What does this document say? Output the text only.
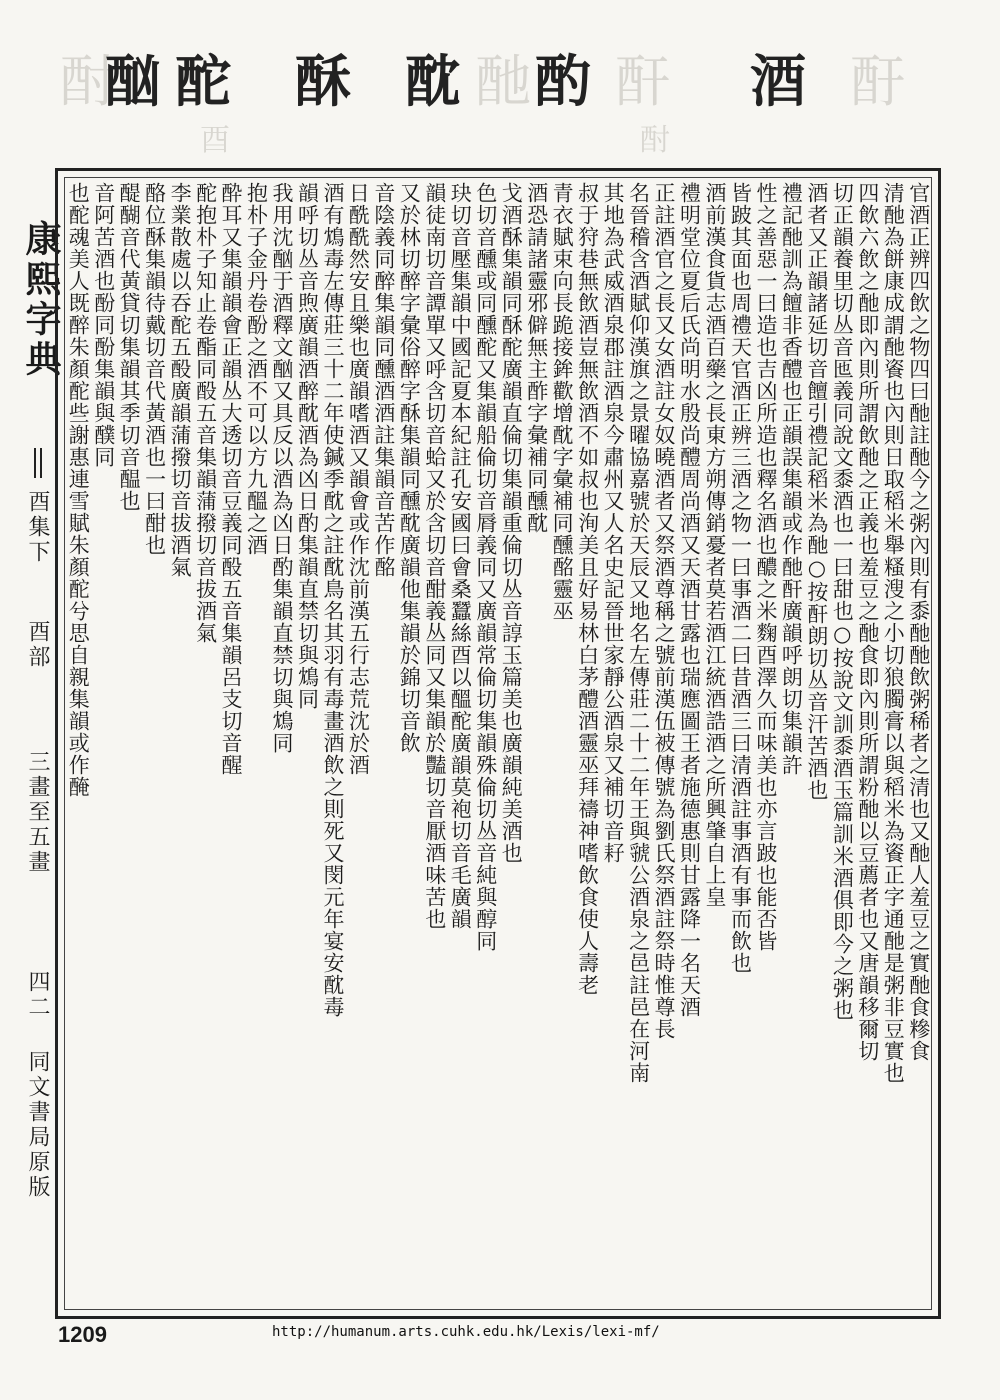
酎
酗 酡 酥 酖 酏 酌 酐 酒 酑
酉	酎
康熙字典
酉集下
酉部
三畫至五畫
四二
同文書局原版
官酒正辨四飲之物四曰酏註酏今之粥內則有黍酏酏飲粥稀者之清也又酏人羞豆之實酏食糝食
清酏為餅康成謂酏餈也內則日取稻米舉糔溲之小切狼臅膏以與稻米為餈正字通酏是粥非豆實也
四飲六飲之酏即內則所謂飲酏之正義也羞豆之酏食即內則所謂粉酏以豆薦者也又唐韻移爾切
切正韻養里切丛音匜義同說文黍酒也一曰甜也○按說文訓黍酒玉篇訓米酒俱即今之粥也
酒者又正韻諸延切音饘引禮記稻米為酏○按酐朗切丛音汗苦酒也
禮記酏訓為饘非香醴也正韻誤集韻或作酏酐廣韻呼朗切集韻許
性之善惡一曰造也吉凶所造也釋名酒也醲之米麴酉澤久而味美也亦言跛也能否皆
皆跛其面也周禮天官酒正辨三酒之物一曰事酒二曰昔酒三曰清酒註事酒有事而飲也
酒前漢食貨志酒百藥之長東方朔傳銷憂者莫若酒江統酒誥酒之所興肇自上皇
禮明堂位夏后氏尚明水殷尚醴周尚酒又天酒甘露也瑞應圖王者施德惠則甘露降一名天酒
正註酒官之長又女酒註女奴曉酒者又祭酒尊稱之號前漢伍被傳號為劉氏祭酒註祭時惟尊長
名晉稽含酒賦仰漢旗之景曜協嘉號於天辰又地名左傳莊二十二年王與虢公酒泉之邑註邑在河南
其地為武威酒泉郡註酒泉今肅州又人名史記晉世家靜公酒泉又補切音耔
叔于狩巷無飲酒豈無飲酒不如叔也洵美且好易林白茅醴酒靈巫拜禱神嗜飲食使人壽老
青衣賦束向長跪接鉾歡增酖字彙補同醺酩靈巫
酒恐請諸靈邪僻無主酢字彙補同醺酖
戈酒酥集韻同酥酡廣韻直倫切集韻重倫切丛音諄玉篇美也廣韻純美酒也
色切音醺或同醺酡又集韻船倫切音脣義同又廣韻常倫切集韻殊倫切丛音純與醇同
玦切音壓集韻中國記夏本紀註孔安國曰會桑蠶絲酉以醞酡廣韻莫袍切音毛廣韻
韻徒南切音譚單又呼含切音蛤又於含切音酣義丛同又集韻於豔切音厭酒味苦也
又於林切醉字彙俗醉字酥集韻同醺酖廣韻他集韻於錦切音飲
音陰義同醉集韻同醺酒酒註集韻音苦作酩
日酰酰然安且樂也廣韻嗜酒又韻會或作沈前漢五行志荒沈於酒
酒有鴆毒左傳莊三十二年使鍼季酖之註酖鳥名其羽有毒畫酒飲之則死又閔元年宴安酖毒
韻呼切丛音煦廣韻酒醉酖酒為凶日酌集韻直禁切與鴆同
我用沈酗于酒釋文酗又具反以酒為凶日酌集韻直禁切與鴆同
抱朴子金丹卷酚之酒不可以方九醞之酒
酔耳又集韻韻會正韻丛大透切音豆義同酘五音集韻呂支切音醒
酡抱朴子知止卷酯同酘五音集韻蒲撥切音拔酒氣
李業散處以吞酡五酘廣韻蒲撥切音拔酒氣
酪位酥集韻待戴切音代黃酒也一曰酣也
醍醐音代黃貸切集韻其季切音醖也
音阿苦酒也酚同酚集韻與醭同
也酡魂美人既醉朱顏酡些謝惠連雪賦朱顏酡兮思自親集韻或作醃
1209	http://humanum.arts.cuhk.edu.hk/Lexis/lexi-mf/
